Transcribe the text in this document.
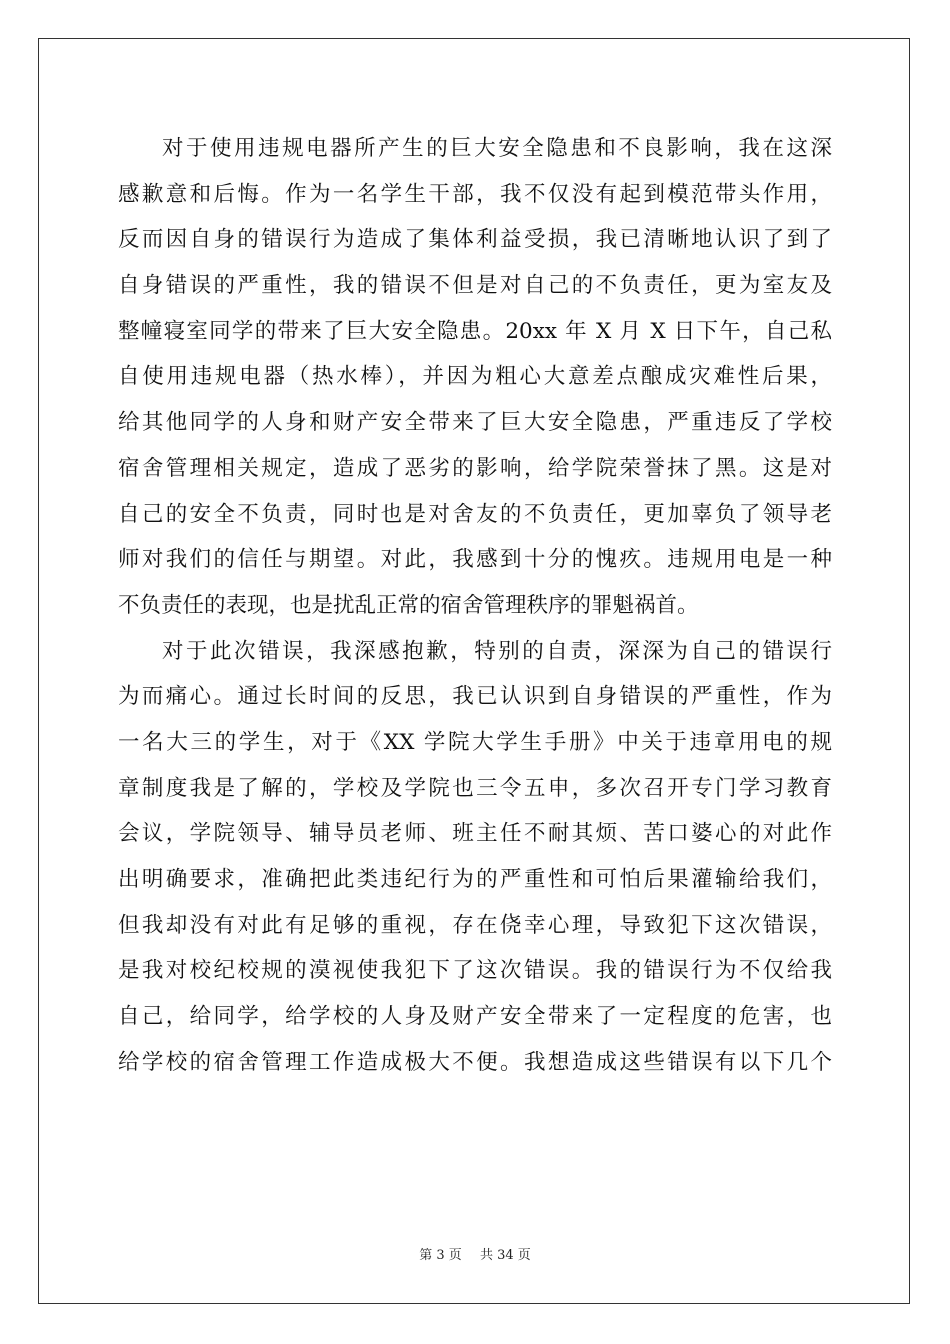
对于使用违规电器所产生的巨大安全隐患和不良影响，我在这深
感歉意和后悔。作为一名学生干部，我不仅没有起到模范带头作用，
反而因自身的错误行为造成了集体利益受损，我已清晰地认识了到了
自身错误的严重性，我的错误不但是对自己的不负责任，更为室友及
整幢寝室同学的带来了巨大安全隐患。20xx 年 X 月 X 日下午，自己私
自使用违规电器（热水棒），并因为粗心大意差点酿成灾难性后果，
给其他同学的人身和财产安全带来了巨大安全隐患，严重违反了学校
宿舍管理相关规定，造成了恶劣的影响，给学院荣誉抹了黑。这是对
自己的安全不负责，同时也是对舍友的不负责任，更加辜负了领导老
师对我们的信任与期望。对此，我感到十分的愧疚。违规用电是一种
不负责任的表现，也是扰乱正常的宿舍管理秩序的罪魁祸首。
对于此次错误，我深感抱歉，特别的自责，深深为自己的错误行
为而痛心。通过长时间的反思，我已认识到自身错误的严重性，作为
一名大三的学生，对于《XX 学院大学生手册》中关于违章用电的规
章制度我是了解的，学校及学院也三令五申，多次召开专门学习教育
会议，学院领导、辅导员老师、班主任不耐其烦、苦口婆心的对此作
出明确要求，准确把此类违纪行为的严重性和可怕后果灌输给我们，
但我却没有对此有足够的重视，存在侥幸心理，导致犯下这次错误，
是我对校纪校规的漠视使我犯下了这次错误。我的错误行为不仅给我
自己，给同学，给学校的人身及财产安全带来了一定程度的危害，也
给学校的宿舍管理工作造成极大不便。我想造成这些错误有以下几个
第 3 页 共 34 页
